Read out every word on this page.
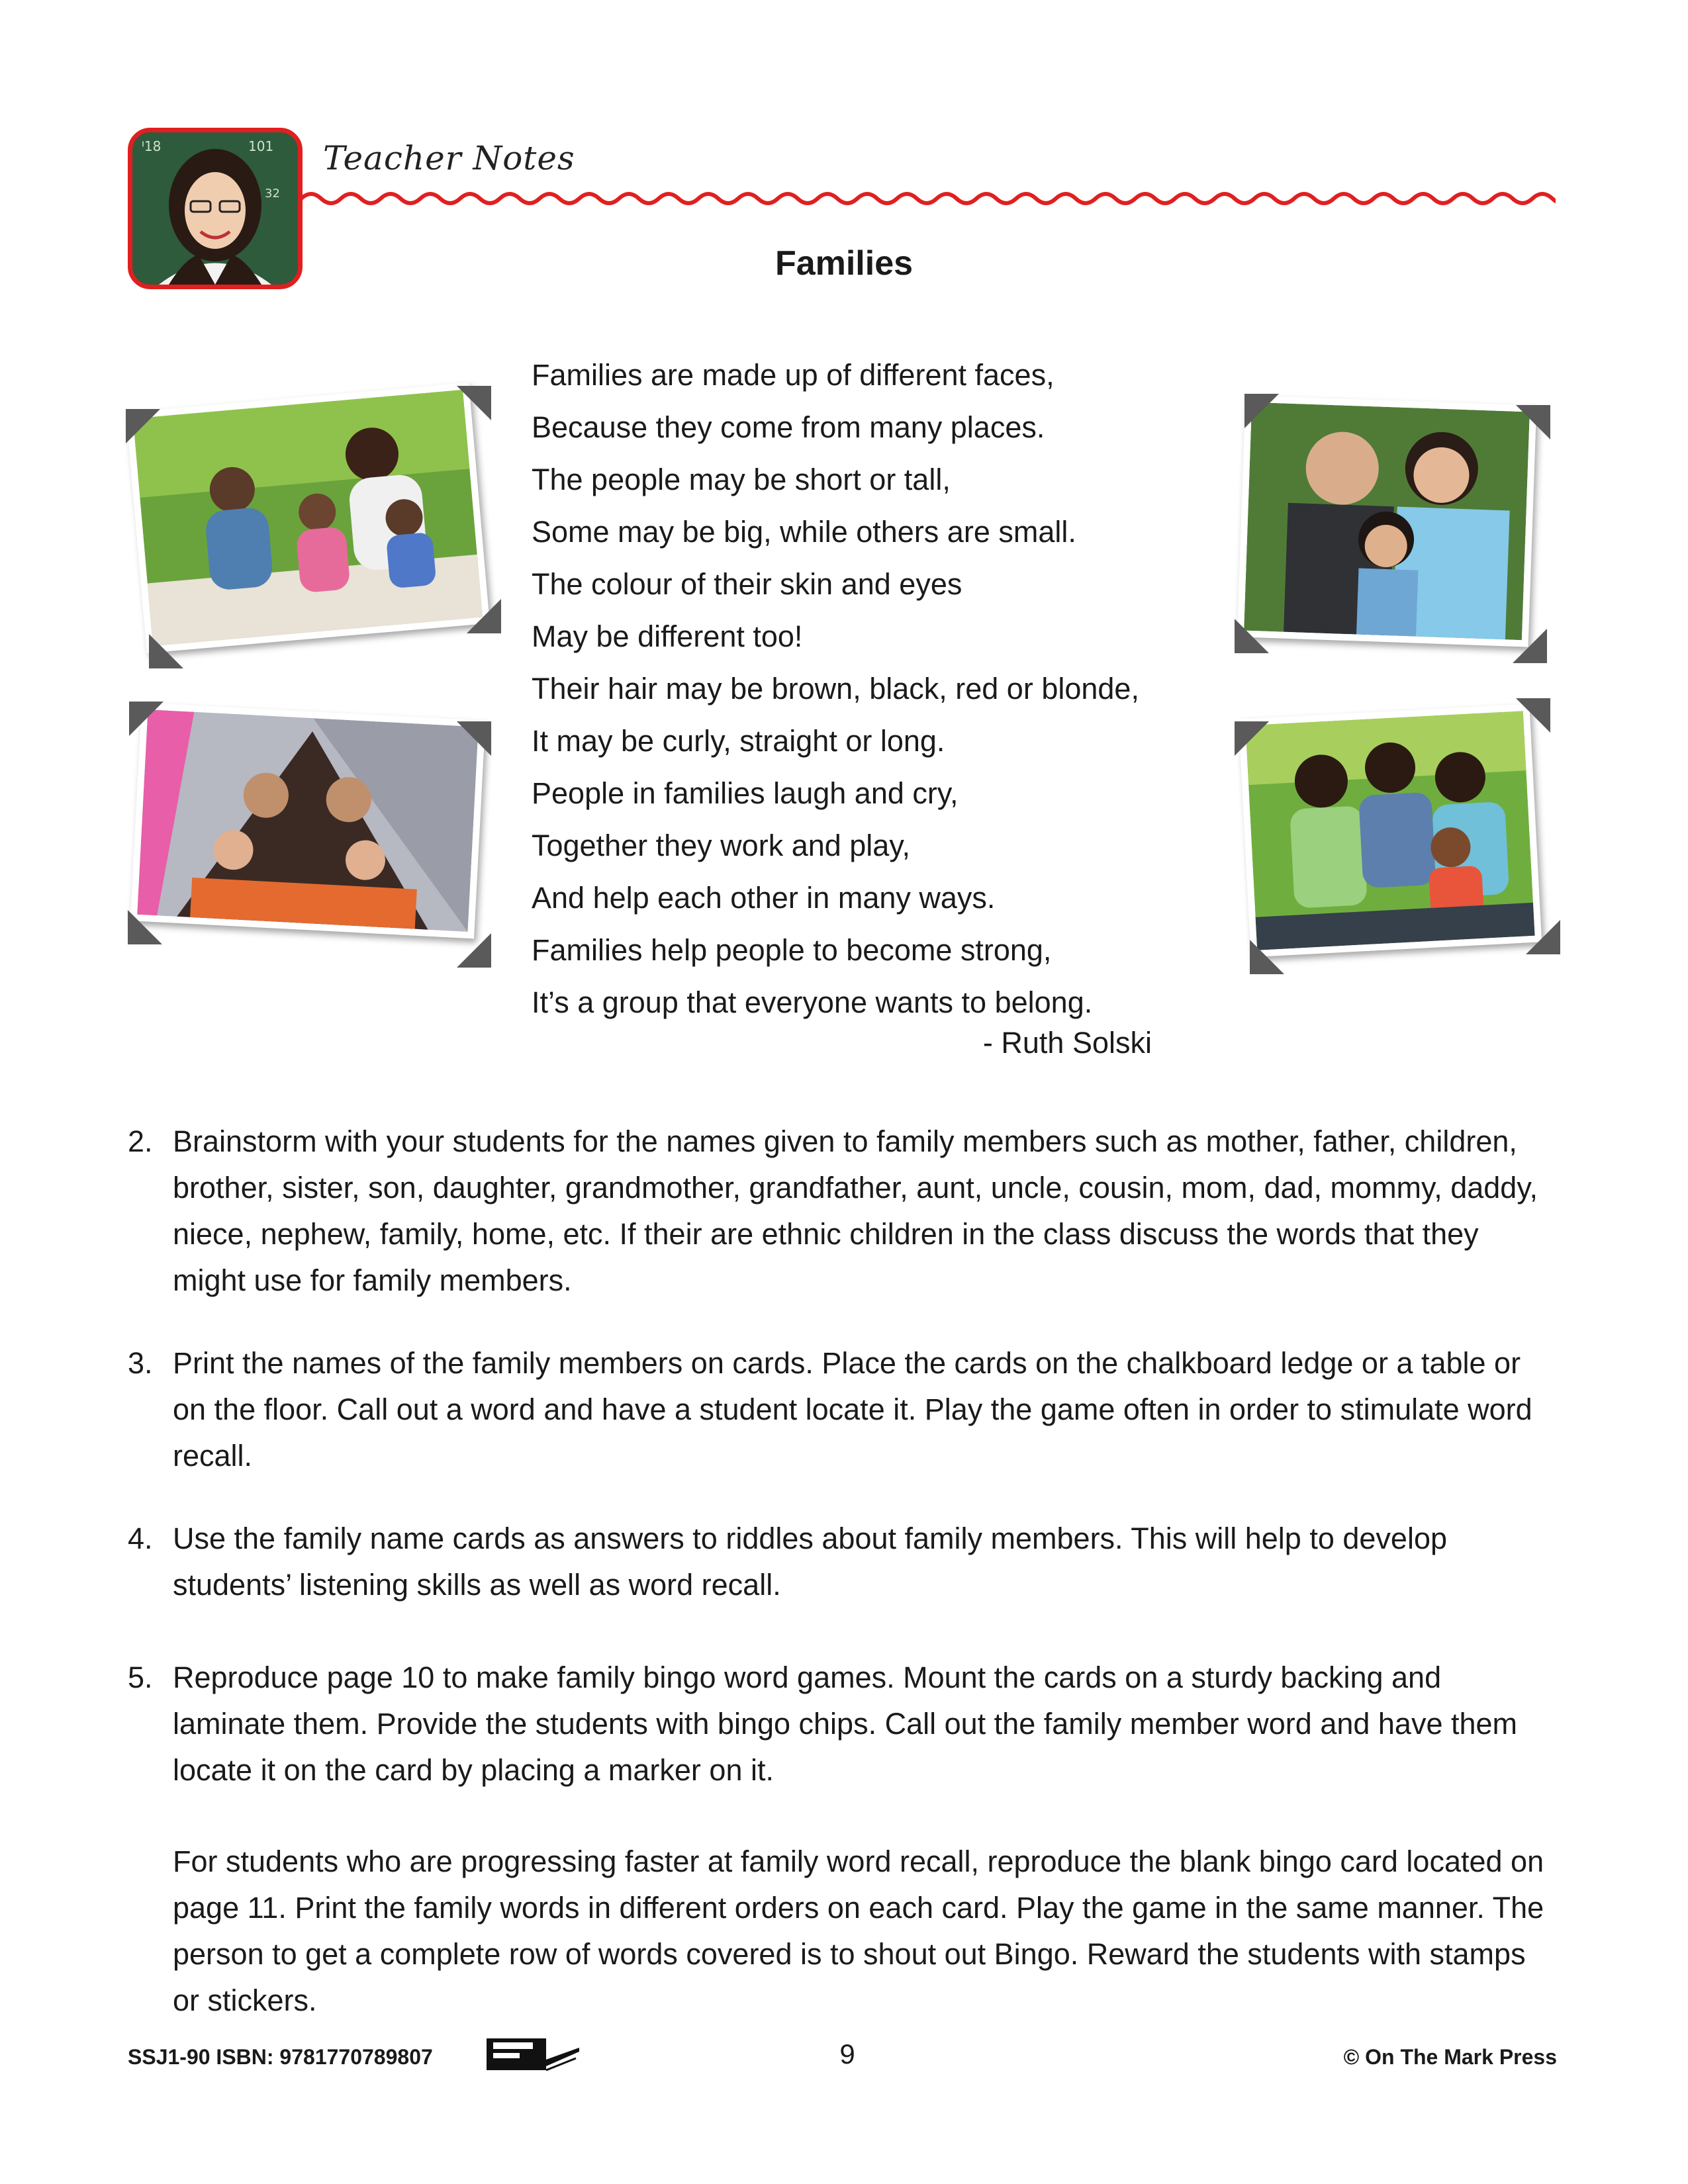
ᑊ18	101
32
Teacher Notes
Families
Families are made up of different faces,
Because they come from many places.
The people may be short or tall,
Some may be big, while others are small.
The colour of their skin and eyes
May be different too!
Their hair may be brown, black, red or blonde,
It may be curly, straight or long.
People in families laugh and cry,
Together they work and play,
And help each other in many ways.
Families help people to become strong,
It’s a group that everyone wants to belong.
- Ruth Solski
2. Brainstorm with your students for the names given to family members such as mother, father, children, brother, sister, son, daughter, grandmother, grandfather, aunt, uncle, cousin, mom, dad, mommy, daddy, niece, nephew, family, home, etc. If their are ethnic children in the class discuss the words that they might use for family members.
3. Print the names of the family members on cards. Place the cards on the chalkboard ledge or a table or on the floor. Call out a word and have a student locate it. Play the game often in order to stimulate word recall.
4. Use the family name cards as answers to riddles about family members. This will help to develop students’ listening skills as well as word recall.
5. Reproduce page 10 to make family bingo word games. Mount the cards on a sturdy backing and laminate them. Provide the students with bingo chips. Call out the family member word and have them locate it on the card by placing a marker on it.
For students who are progressing faster at family word recall, reproduce the blank bingo card located on page 11. Print the family words in different orders on each card. Play the game in the same manner. The person to get a complete row of words covered is to shout out Bingo. Reward the students with stamps or stickers.
SSJ1-90 ISBN: 9781770789807	9	© On The Mark Press
